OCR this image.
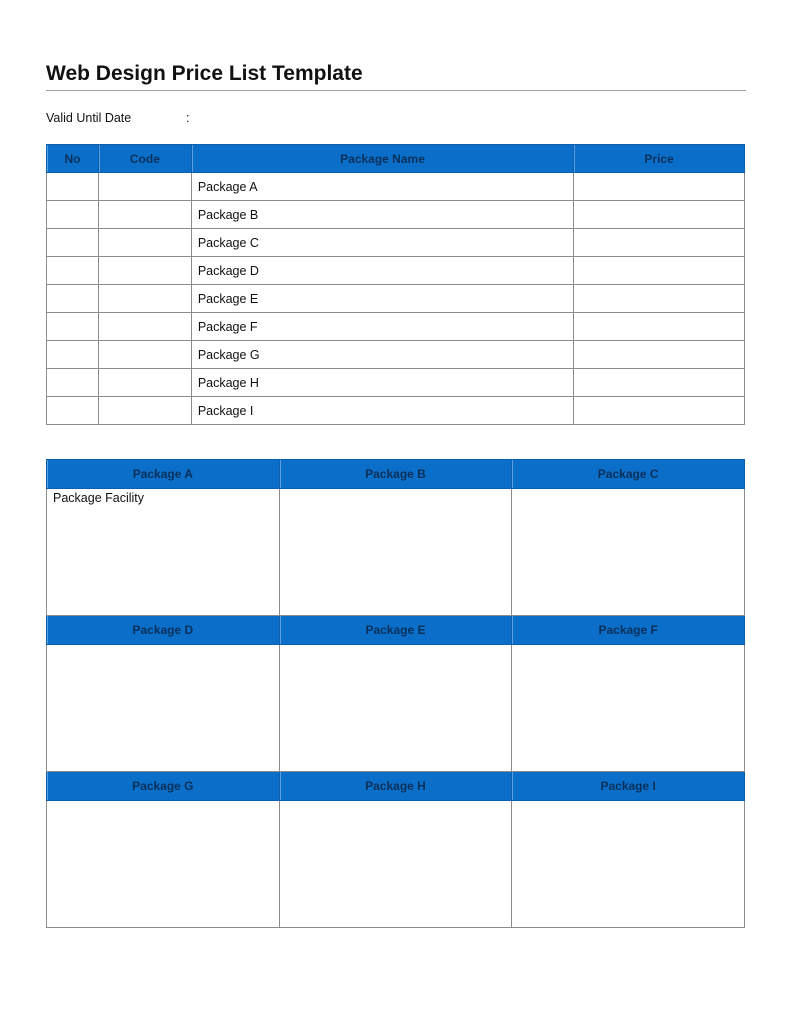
Web Design Price List Template
Valid Until Date	:
No	Code	Package Name	Price
		Package A	
		Package B	
		Package C	
		Package D	
		Package E	
		Package F	
		Package G	
		Package H	
		Package I	
Package A	Package B	Package C
Package Facility		
Package D	Package E	Package F

Package G	Package H	Package I
